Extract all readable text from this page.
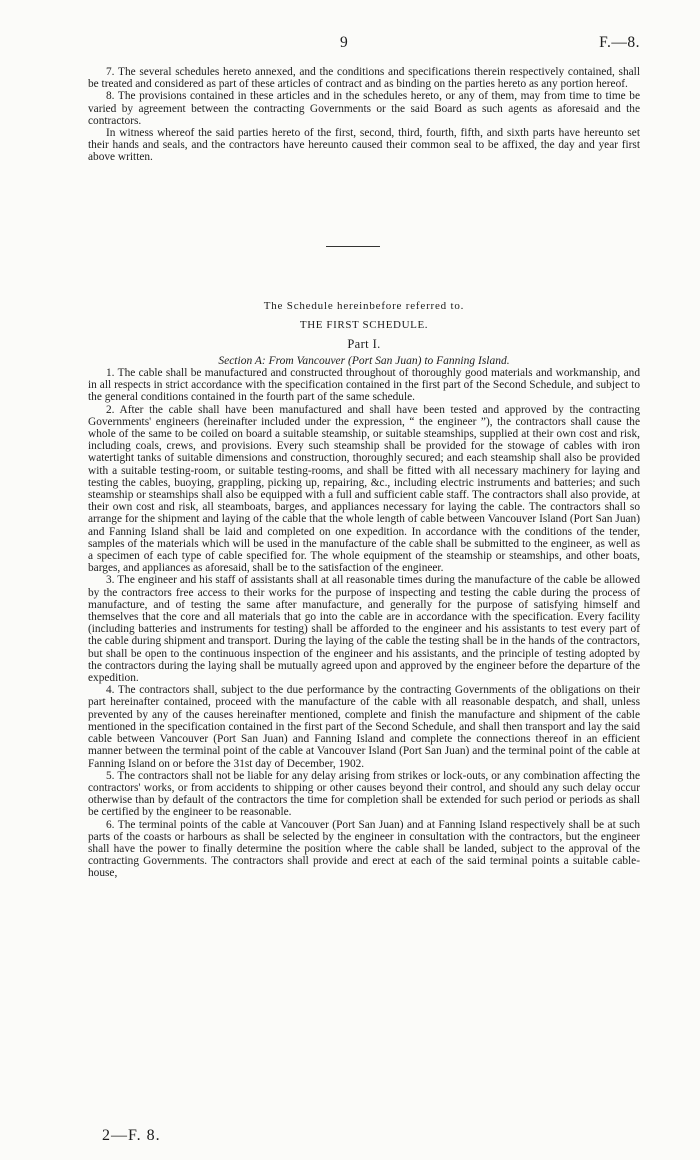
9	F.—8.

7. The several schedules hereto annexed, and the conditions and specifications therein respectively contained, shall be treated and considered as part of these articles of contract and as binding on the parties hereto as any portion hereof.

8. The provisions contained in these articles and in the schedules hereto, or any of them, may from time to time be varied by agreement between the contracting Governments or the said Board as such agents as aforesaid and the contractors.

In witness whereof the said parties hereto of the first, second, third, fourth, fifth, and sixth parts have hereunto set their hands and seals, and the contractors have hereunto caused their common seal to be affixed, the day and year first above written.

The Schedule hereinbefore referred to.
THE FIRST SCHEDULE.
Part I.
Section A: From Vancouver (Port San Juan) to Fanning Island.

1. The cable shall be manufactured and constructed throughout of thoroughly good materials and workmanship, and in all respects in strict accordance with the specification contained in the first part of the Second Schedule, and subject to the general conditions contained in the fourth part of the same schedule.

2. After the cable shall have been manufactured and shall have been tested and approved by the contracting Governments' engineers (hereinafter included under the expression, “ the engineer ”), the contractors shall cause the whole of the same to be coiled on board a suitable steamship, or suitable steamships, supplied at their own cost and risk, including coals, crews, and provisions. Every such steamship shall be provided for the stowage of cables with iron watertight tanks of suitable dimensions and construction, thoroughly secured; and each steamship shall also be provided with a suitable testing-room, or suitable testing-rooms, and shall be fitted with all necessary machinery for laying and testing the cables, buoying, grappling, picking up, repairing, &c., including electric instruments and batteries; and such steamship or steamships shall also be equipped with a full and sufficient cable staff. The contractors shall also provide, at their own cost and risk, all steamboats, barges, and appliances necessary for laying the cable. The contractors shall so arrange for the shipment and laying of the cable that the whole length of cable between Vancouver Island (Port San Juan) and Fanning Island shall be laid and completed on one expedition. In accordance with the conditions of the tender, samples of the materials which will be used in the manufacture of the cable shall be submitted to the engineer, as well as a specimen of each type of cable specified for. The whole equipment of the steamship or steamships, and other boats, barges, and appliances as aforesaid, shall be to the satisfaction of the engineer.

3. The engineer and his staff of assistants shall at all reasonable times during the manufacture of the cable be allowed by the contractors free access to their works for the purpose of inspecting and testing the cable during the process of manufacture, and of testing the same after manufacture, and generally for the purpose of satisfying himself and themselves that the core and all materials that go into the cable are in accordance with the specification. Every facility (including batteries and instruments for testing) shall be afforded to the engineer and his assistants to test every part of the cable during shipment and transport. During the laying of the cable the testing shall be in the hands of the contractors, but shall be open to the continuous inspection of the engineer and his assistants, and the principle of testing adopted by the contractors during the laying shall be mutually agreed upon and approved by the engineer before the departure of the expedition.

4. The contractors shall, subject to the due performance by the contracting Governments of the obligations on their part hereinafter contained, proceed with the manufacture of the cable with all reasonable despatch, and shall, unless prevented by any of the causes hereinafter mentioned, complete and finish the manufacture and shipment of the cable mentioned in the specification contained in the first part of the Second Schedule, and shall then transport and lay the said cable between Vancouver (Port San Juan) and Fanning Island and complete the connections thereof in an efficient manner between the terminal point of the cable at Vancouver Island (Port San Juan) and the terminal point of the cable at Fanning Island on or before the 31st day of December, 1902.

5. The contractors shall not be liable for any delay arising from strikes or lock-outs, or any combination affecting the contractors' works, or from accidents to shipping or other causes beyond their control, and should any such delay occur otherwise than by default of the contractors the time for completion shall be extended for such period or periods as shall be certified by the engineer to be reasonable.

6. The terminal points of the cable at Vancouver (Port San Juan) and at Fanning Island respectively shall be at such parts of the coasts or harbours as shall be selected by the engineer in consultation with the contractors, but the engineer shall have the power to finally determine the position where the cable shall be landed, subject to the approval of the contracting Governments. The contractors shall provide and erect at each of the said terminal points a suitable cable-house,

2—F. 8.
